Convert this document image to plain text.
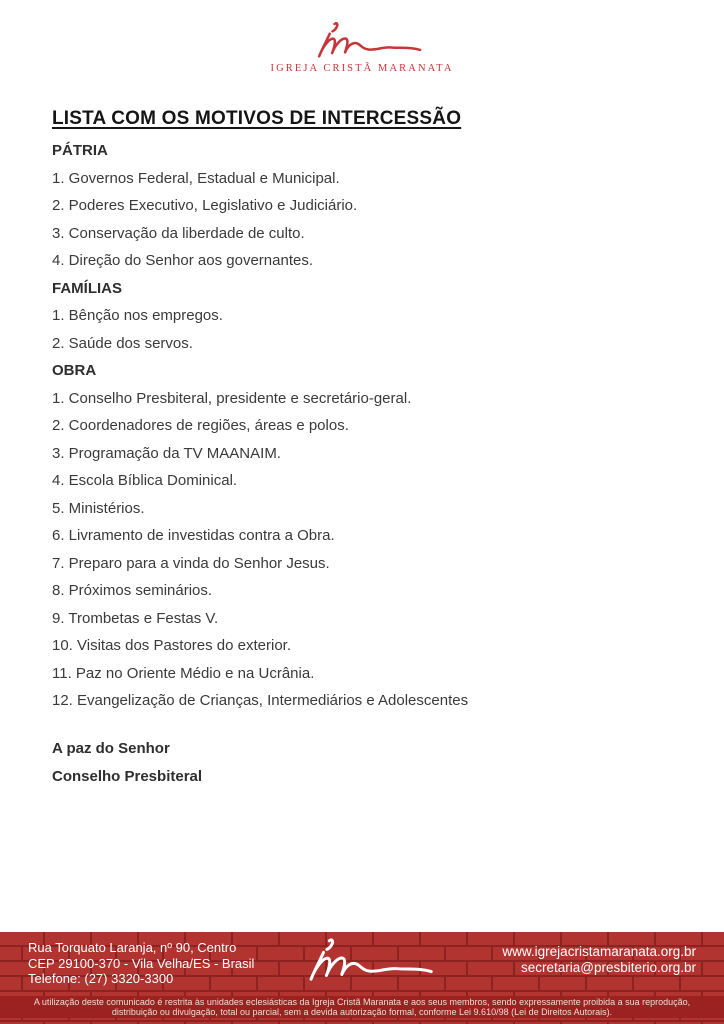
IGREJA CRISTÃ MARANATA
LISTA COM OS MOTIVOS DE INTERCESSÃO

PÁTRIA

1. Governos Federal, Estadual e Municipal.

2. Poderes Executivo, Legislativo e Judiciário.

3. Conservação da liberdade de culto.

4. Direção do Senhor aos governantes.

FAMÍLIAS

1. Bênção nos empregos.

2. Saúde dos servos.

OBRA

1. Conselho Presbiteral, presidente e secretário-geral.

2. Coordenadores de regiões, áreas e polos.

3. Programação da TV MAANAIM.

4. Escola Bíblica Dominical.

5. Ministérios.

6. Livramento de investidas contra a Obra.

7. Preparo para a vinda do Senhor Jesus.

8. Próximos seminários.

9. Trombetas e Festas V.

10. Visitas dos Pastores do exterior.

11. Paz no Oriente Médio e na Ucrânia.

12. Evangelização de Crianças, Intermediários e Adolescentes

A paz do Senhor

Conselho Presbiteral

Rua Torquato Laranja, nº 90, Centro
CEP 29100-370 - Vila Velha/ES - Brasil
Telefone: (27) 3320-3300
www.igrejacristamaranata.org.br
secretaria@presbiterio.org.br
A utilização deste comunicado é restrita às unidades eclesiásticas da Igreja Cristã Maranata e aos seus membros, sendo expressamente proibida a sua reprodução, distribuição ou divulgação, total ou parcial, sem a devida autorização formal, conforme Lei 9.610/98 (Lei de Direitos Autorais).
